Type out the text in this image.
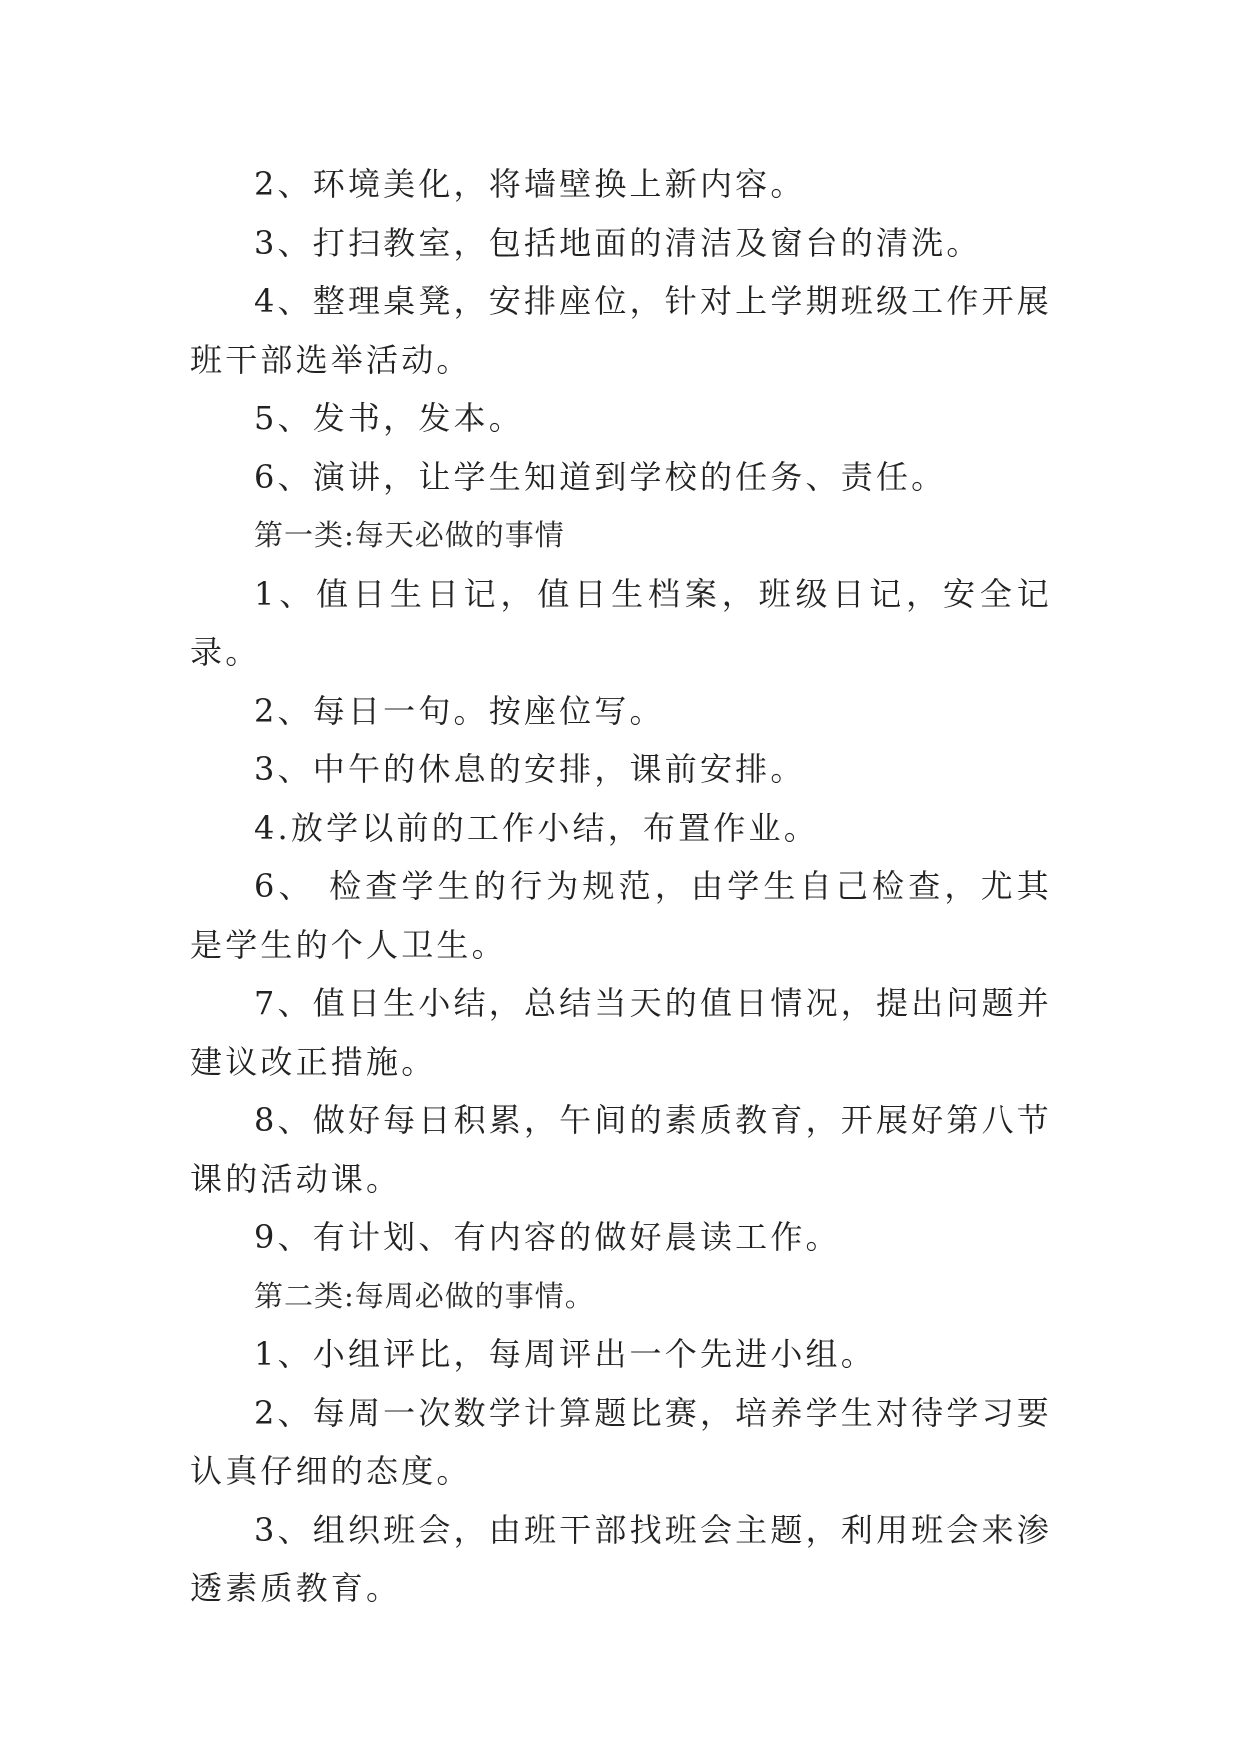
2、环境美化，将墙壁换上新内容。

3、打扫教室，包括地面的清洁及窗台的清洗。

4、整理桌凳，安排座位，针对上学期班级工作开展班干部选举活动。

5、发书，发本。

6、演讲，让学生知道到学校的任务、责任。

第一类:每天必做的事情

1、值日生日记，值日生档案，班级日记，安全记录。

2、每日一句。按座位写。

3、中午的休息的安排，课前安排。

4.放学以前的工作小结，布置作业。

6、 检查学生的行为规范，由学生自己检查，尤其是学生的个人卫生。

7、值日生小结，总结当天的值日情况，提出问题并建议改正措施。

8、做好每日积累，午间的素质教育，开展好第八节课的活动课。

9、有计划、有内容的做好晨读工作。

第二类:每周必做的事情。

1、小组评比，每周评出一个先进小组。

2、每周一次数学计算题比赛，培养学生对待学习要认真仔细的态度。

3、组织班会，由班干部找班会主题，利用班会来渗透素质教育。
